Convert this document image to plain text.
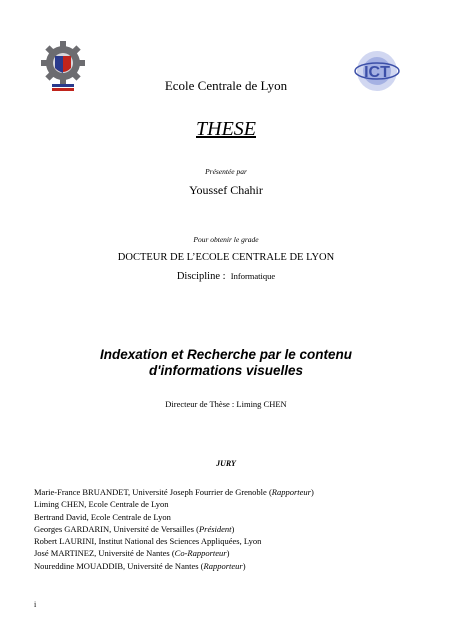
ICT
Ecole Centrale de Lyon
THESE
Présentée par
Youssef Chahir
Pour obtenir le grade
DOCTEUR DE L’ECOLE CENTRALE DE LYON
Discipline : Informatique
Indexation et Recherche par le contenu
d'informations visuelles
Directeur de Thèse : Liming CHEN
JURY
Marie-France BRUANDET, Université Joseph Fourrier de Grenoble (Rapporteur)
Liming CHEN, Ecole Centrale de Lyon
Bertrand David, Ecole Centrale de Lyon
Georges GARDARIN, Université de Versailles (Président)
Robert LAURINI, Institut National des Sciences Appliquées, Lyon
José MARTINEZ, Université de Nantes (Co-Rapporteur)
Noureddine MOUADDIB, Université de Nantes (Rapporteur)
i
